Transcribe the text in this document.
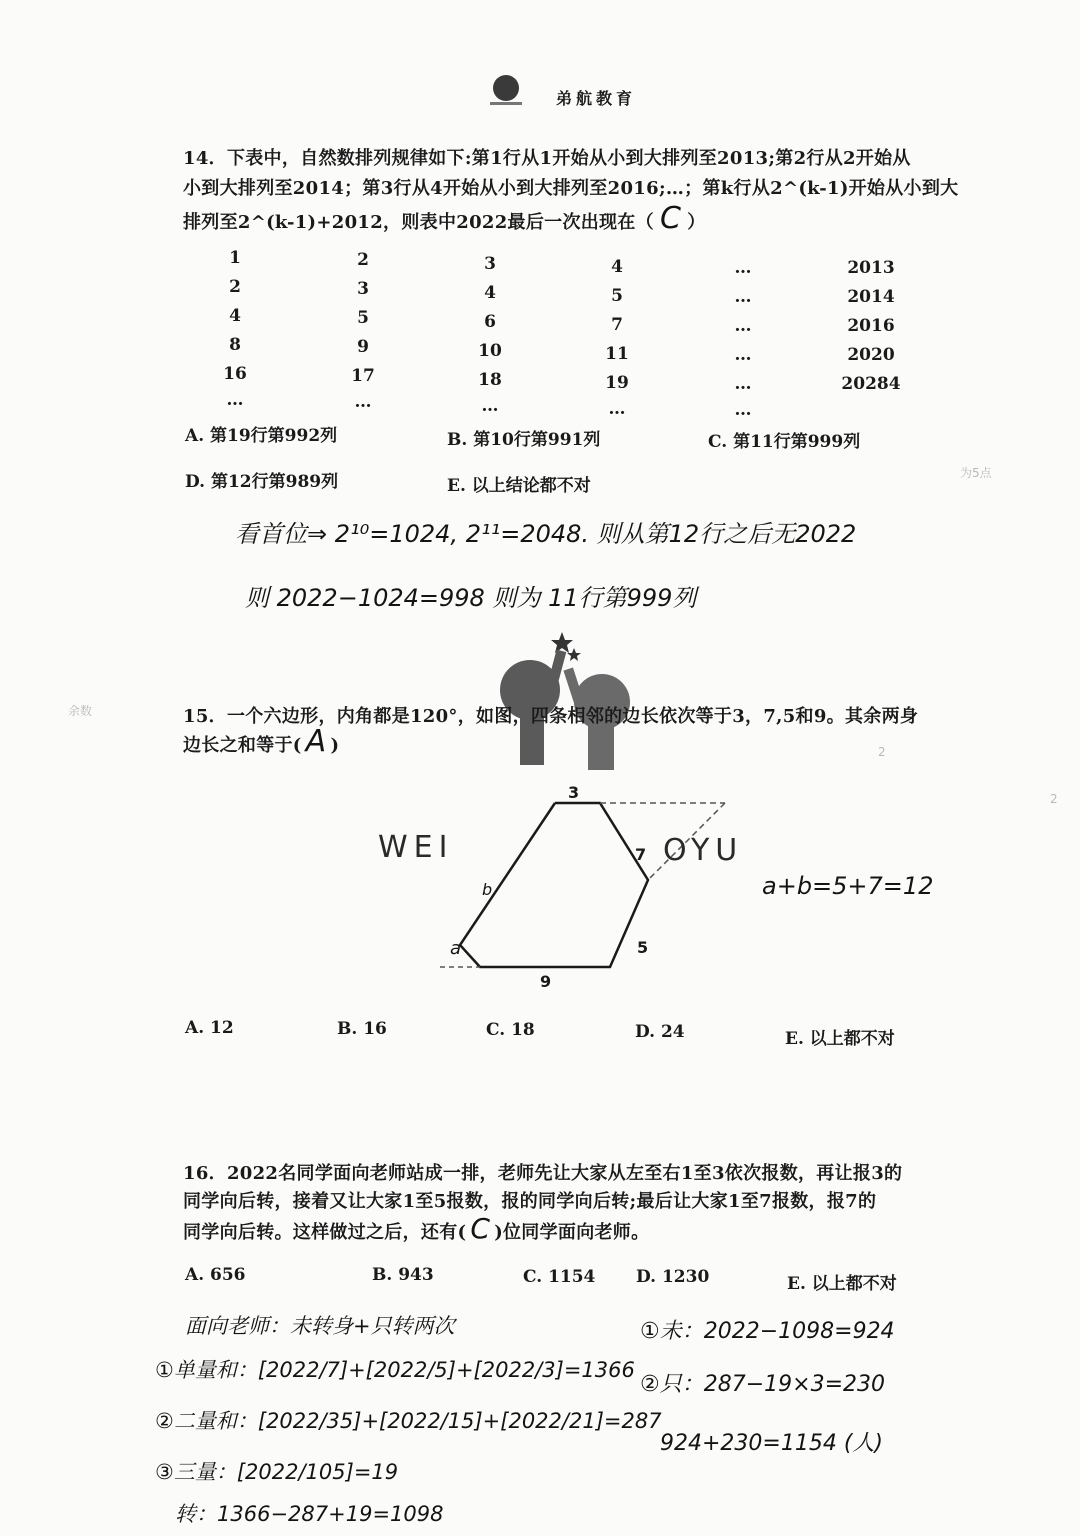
弟航教育
14．下表中，自然数排列规律如下:第1行从1开始从小到大排列至2013;第2行从2开始从
小到大排列至2014；第3行从4开始从小到大排列至2016;…；第k行从2^(k-1)开始从小到大
排列至2^(k-1)+2012，则表中2022最后一次出现在（ C ）
1	2	3	4	…	2013
2	3	4	5	…	2014
4	5	6	7	…	2016
8	9	10	11	…	2020
16	17	18	19	…	20284
…	…	…	…	…
A. 第19行第992列	B. 第10行第991列	C. 第11行第999列
D. 第12行第989列	E. 以上结论都不对
看首位⇒ 2¹⁰=1024, 2¹¹=2048. 则从第12行之后无2022
则 2022−1024=998 则为 11行第999列
15．一个六边形，内角都是120°，如图，四条相邻的边长依次等于3，7,5和9。其余两身
边长之和等于( A )
3
7
5
9
b
a
WEI	OYU
a+b=5+7=12
A. 12	B. 16	C. 18	D. 24	E. 以上都不对
16．2022名同学面向老师站成一排，老师先让大家从左至右1至3依次报数，再让报3的
同学向后转，接着又让大家1至5报数，报的同学向后转;最后让大家1至7报数，报7的
同学向后转。这样做过之后，还有( C )位同学面向老师。
A. 656	B. 943	C. 1154 D. 1230	E. 以上都不对
面向老师：未转身+只转两次
①单量和：[2022/7]+[2022/5]+[2022/3]=1366
②二量和：[2022/35]+[2022/15]+[2022/21]=287
③三量：[2022/105]=19
转：1366−287+19=1098
①未：2022−1098=924
②只：287−19×3=230
924+230=1154 (人)
余数
为5点
2
2
